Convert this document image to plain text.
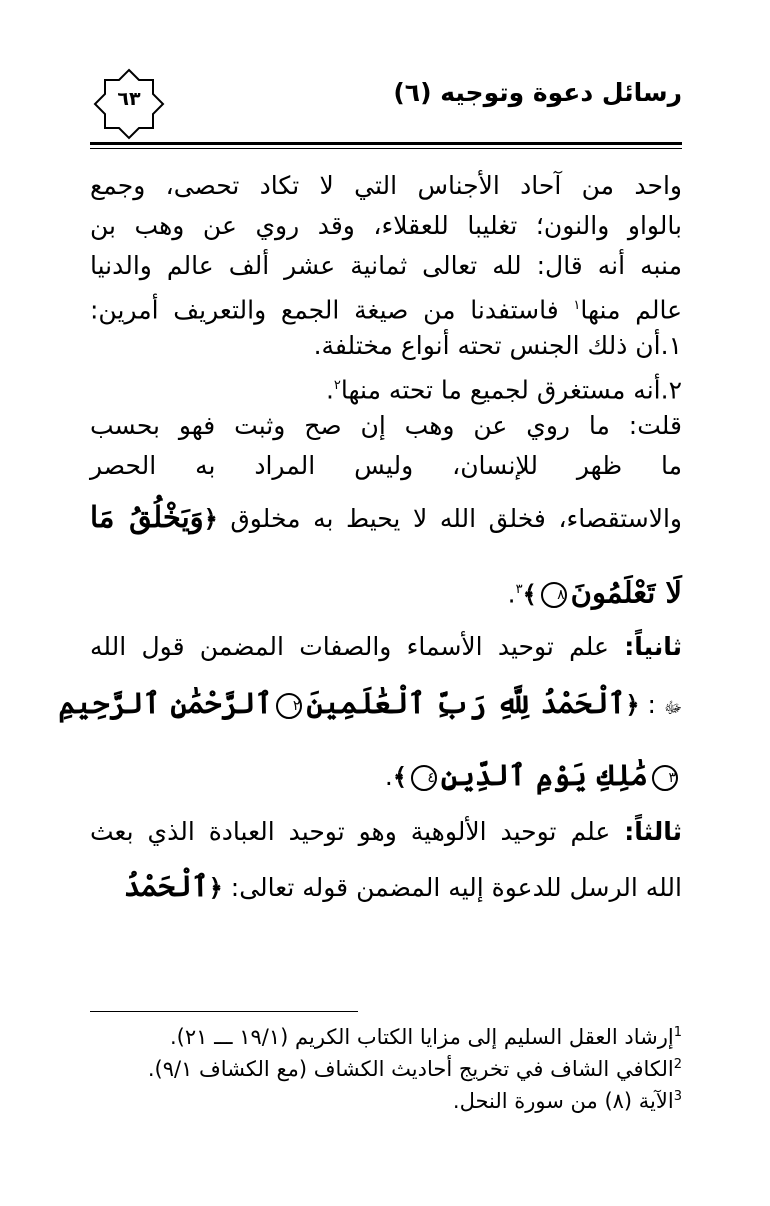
٦٣	رسائل دعوة وتوجيه (٦)
واحد من آحاد الأجناس التي لا تكاد تحصى، وجمع
بالواو والنون؛ تغليبا للعقلاء، وقد روي عن وهب بن
منبه أنه قال: لله تعالى ثمانية عشر ألف عالم والدنيا
عالم منها$^١$ فاستفدنا من صيغة الجمع والتعريف أمرين:
١.أن ذلك الجنس تحته أنواع مختلفة.
٢.أنه مستغرق لجميع ما تحته منها$^٢$.
قلت: ما روي عن وهب إن صح وثبت فهو بحسب
ما ظهر للإنسان، وليس المراد به الحصر
والاستقصاء، فخلق الله لا يحيط به مخلوق ﴿وَيَخْلُقُ مَا
لَا تَعْلَمُونَ٨﴾$^٣$.
ثانياً: علم توحيد الأسماء والصفات المضمن قول الله
ﷻ : ﴿ٱلْحَمْدُ لِلَّهِ رَبِّ ٱلْعَٰلَمِينَ٢ٱلرَّحْمَٰنِ ٱلرَّحِيمِ
٣مَٰلِكِ يَوْمِ ٱلدِّينِ٤﴾.
ثالثاً: علم توحيد الألوهية وهو توحيد العبادة الذي بعث
الله الرسل للدعوة إليه المضمن قوله تعالى: ﴿ٱلْحَمْدُ
$^1$إرشاد العقل السليم إلى مزايا الكتاب الكريم (١٩/١ ـــ ٢١).
$^2$الكافي الشاف في تخريج أحاديث الكشاف (مع الكشاف ٩/١).
$^3$الآية (٨) من سورة النحل.
